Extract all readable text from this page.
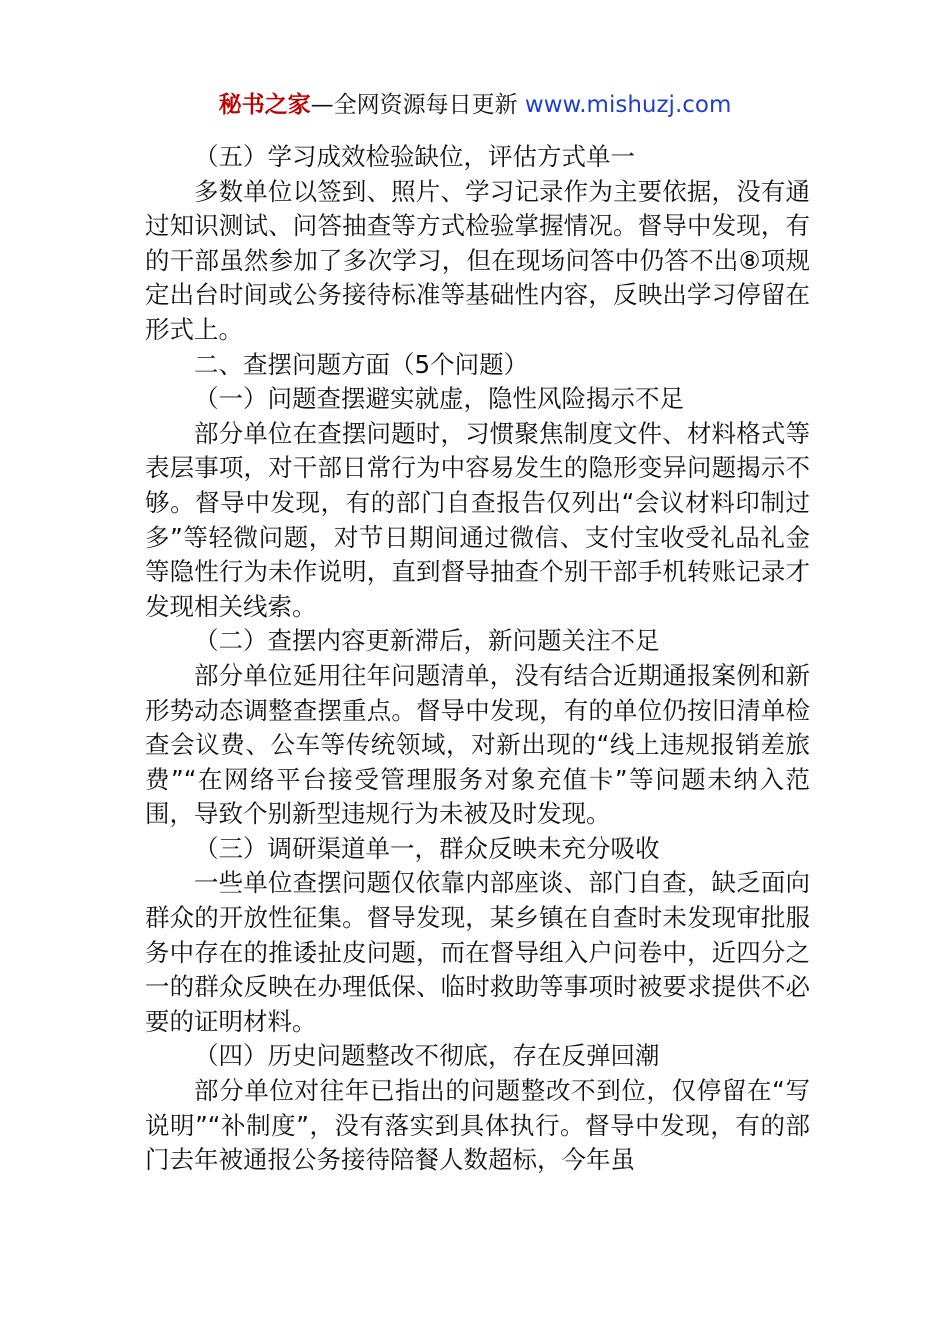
秘书之家—全网资源每日更新 www.mishuzj.com

（五）学习成效检验缺位，评估方式单一

多数单位以签到、照片、学习记录作为主要依据，没有通过知识测试、问答抽查等方式检验掌握情况。督导中发现，有的干部虽然参加了多次学习，但在现场问答中仍答不出⑧项规定出台时间或公务接待标准等基础性内容，反映出学习停留在形式上。

二、查摆问题方面（5个问题）

（一）问题查摆避实就虚，隐性风险揭示不足

部分单位在查摆问题时，习惯聚焦制度文件、材料格式等表层事项，对干部日常行为中容易发生的隐形变异问题揭示不够。督导中发现，有的部门自查报告仅列出“会议材料印制过多”等轻微问题，对节日期间通过微信、支付宝收受礼品礼金等隐性行为未作说明，直到督导抽查个别干部手机转账记录才发现相关线索。

（二）查摆内容更新滞后，新问题关注不足

部分单位延用往年问题清单，没有结合近期通报案例和新形势动态调整查摆重点。督导中发现，有的单位仍按旧清单检查会议费、公车等传统领域，对新出现的“线上违规报销差旅费”“在网络平台接受管理服务对象充值卡”等问题未纳入范围，导致个别新型违规行为未被及时发现。

（三）调研渠道单一，群众反映未充分吸收

一些单位查摆问题仅依靠内部座谈、部门自查，缺乏面向群众的开放性征集。督导发现，某乡镇在自查时未发现审批服务中存在的推诿扯皮问题，而在督导组入户问卷中，近四分之一的群众反映在办理低保、临时救助等事项时被要求提供不必要的证明材料。

（四）历史问题整改不彻底，存在反弹回潮

部分单位对往年已指出的问题整改不到位，仅停留在“写说明”“补制度”，没有落实到具体执行。督导中发现，有的部门去年被通报公务接待陪餐人数超标，今年虽
